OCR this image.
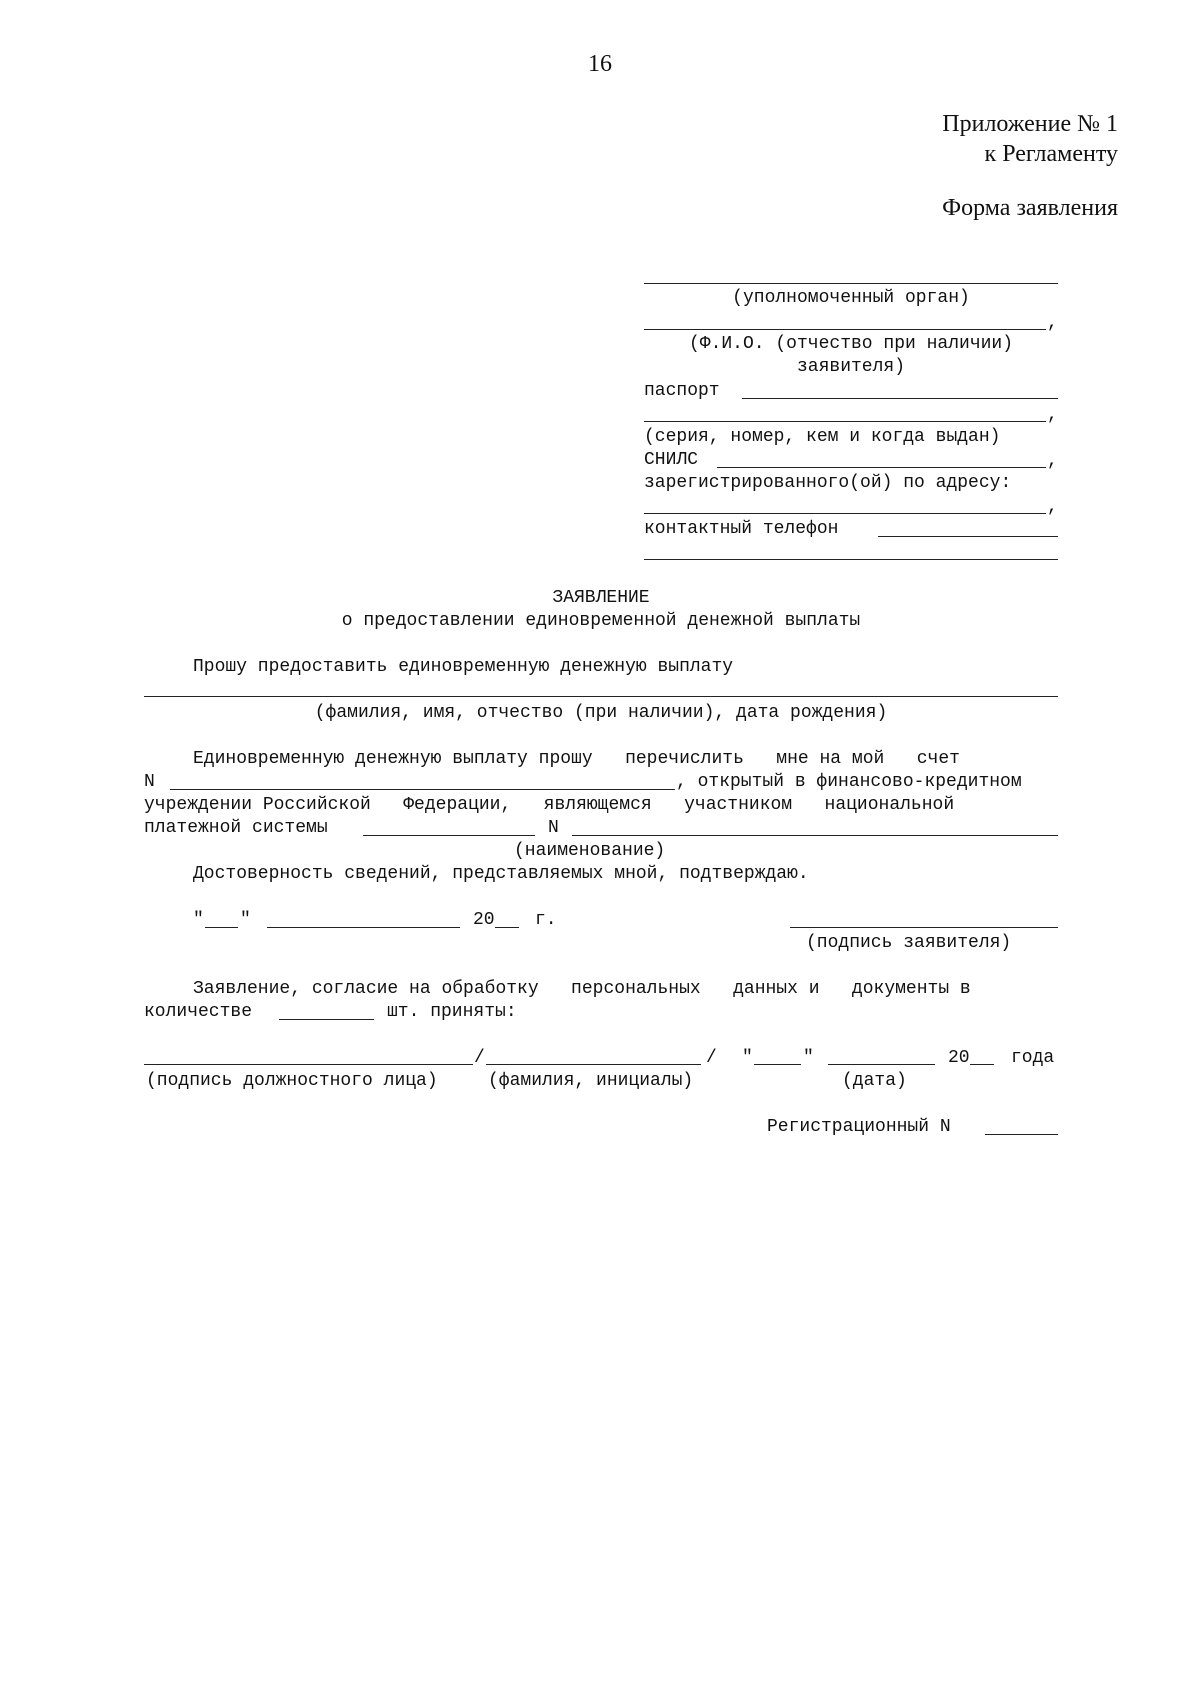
16
Приложение № 1
к Регламенту
Форма заявления
(уполномоченный орган)
,
(Ф.И.О. (отчество при наличии)
заявителя)
паспорт
,
(серия, номер, кем и когда выдан)
СНИЛС	,
зарегистрированного(ой) по адресу:
,
контактный телефон
ЗАЯВЛЕНИЕ
о предоставлении единовременной денежной выплаты
Прошу предоставить единовременную денежную выплату
(фамилия, имя, отчество (при наличии), дата рождения)
Единовременную денежную выплату прошу   перечислить   мне на мой   счет
N	, открытый в финансово-кредитном
учреждении Российской   Федерации,   являющемся   участником   национальной
платежной системы	N
(наименование)
Достоверность сведений, представляемых мной, подтверждаю.
" "	20 г.
(подпись заявителя)
Заявление, согласие на обработку   персональных   данных и   документы в
количестве	шт. приняты:
/	/ "	"	20 года
(подпись должностного лица)	(фамилия, инициалы)	(дата)
Регистрационный N
